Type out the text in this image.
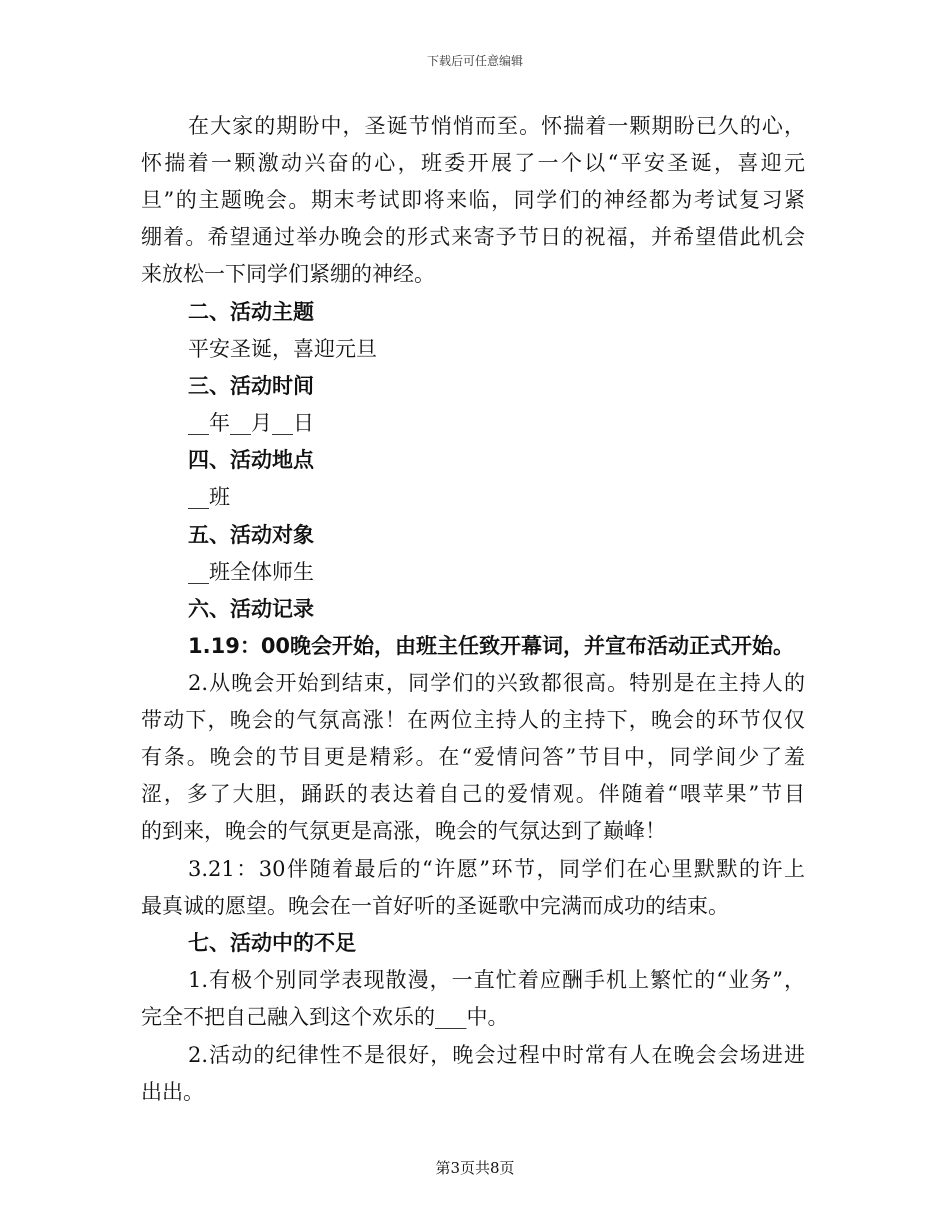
下载后可任意编辑
在大家的期盼中，圣诞节悄悄而至。怀揣着一颗期盼已久的心，
怀揣着一颗激动兴奋的心，班委开展了一个以“平安圣诞，喜迎元
旦”的主题晚会。期末考试即将来临，同学们的神经都为考试复习紧
绷着。希望通过举办晚会的形式来寄予节日的祝福，并希望借此机会
来放松一下同学们紧绷的神经。
二、活动主题
平安圣诞，喜迎元旦
三、活动时间
__年__月__日
四、活动地点
__班
五、活动对象
__班全体师生
六、活动记录
1.19：00晚会开始，由班主任致开幕词，并宣布活动正式开始。
2.从晚会开始到结束，同学们的兴致都很高。特别是在主持人的
带动下，晚会的气氛高涨！在两位主持人的主持下，晚会的环节仅仅
有条。晚会的节目更是精彩。在“爱情问答”节目中，同学间少了羞
涩，多了大胆，踊跃的表达着自己的爱情观。伴随着“喂苹果”节目
的到来，晚会的气氛更是高涨，晚会的气氛达到了巅峰！
3.21：30伴随着最后的“许愿”环节，同学们在心里默默的许上
最真诚的愿望。晚会在一首好听的圣诞歌中完满而成功的结束。
七、活动中的不足
1.有极个别同学表现散漫，一直忙着应酬手机上繁忙的“业务”，
完全不把自己融入到这个欢乐的___中。
2.活动的纪律性不是很好，晚会过程中时常有人在晚会会场进进
出出。
第3页共8页
